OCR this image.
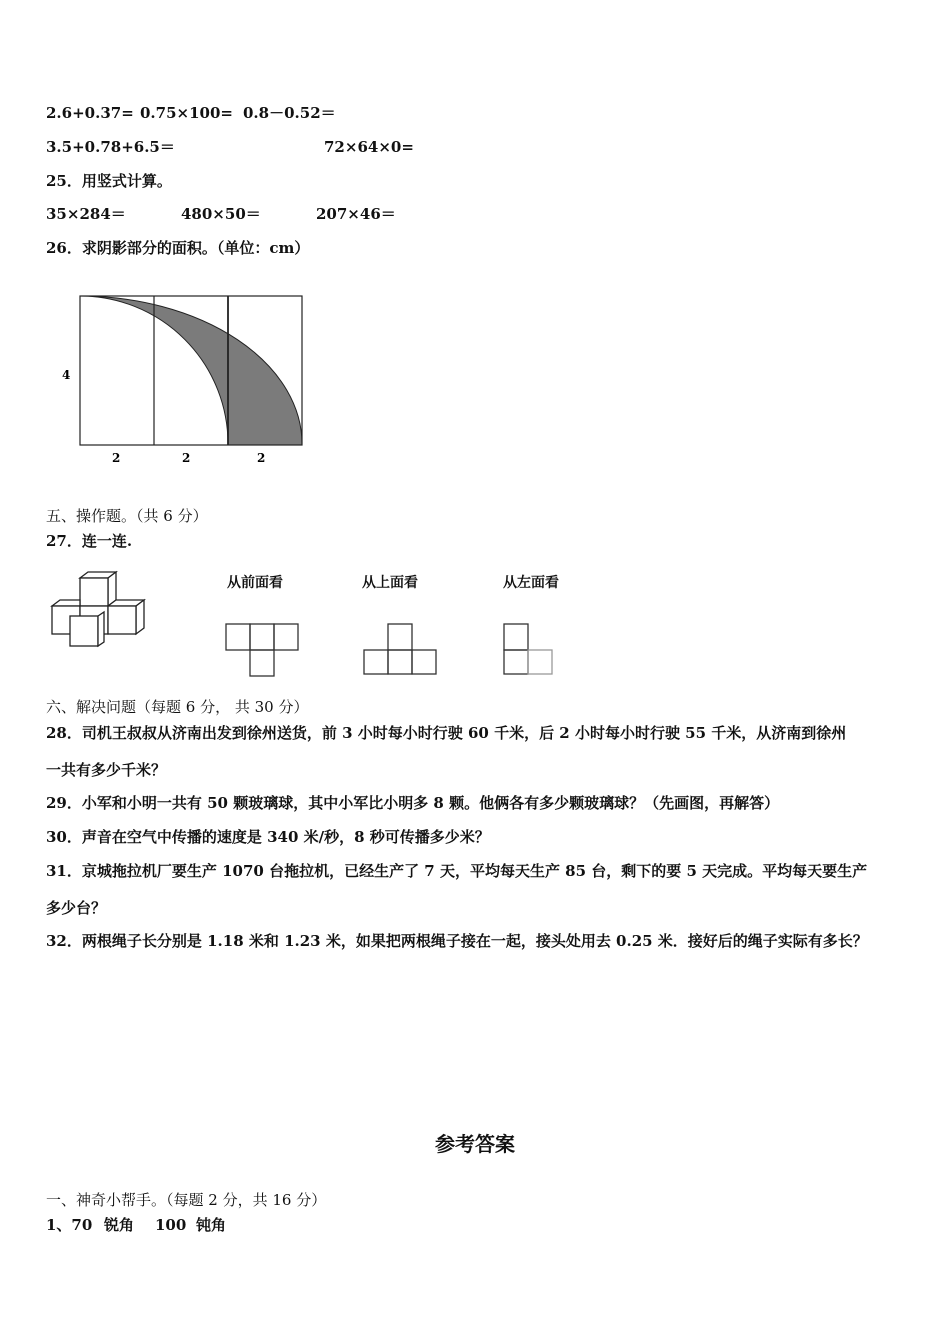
2.6+0.37= 0.75×100= 0.8－0.52＝
3.5+0.78+6.5＝	72×64×0=
25．用竖式计算。
35×284＝	480×50＝	207×46＝
26．求阴影部分的面积。（单位：cm）
4
2	2	2
五、操作题。（共 6 分）
27．连一连.
从前面看	从上面看	从左面看
六、解决问题（每题 6 分， 共 30 分）
28．司机王叔叔从济南出发到徐州送货，前 3 小时每小时行驶 60 千米，后 2 小时每小时行驶 55 千米，从济南到徐州
一共有多少千米？
29．小军和小明一共有 50 颗玻璃球，其中小军比小明多 8 颗。他俩各有多少颗玻璃球？（先画图，再解答）
30．声音在空气中传播的速度是 340 米/秒，8 秒可传播多少米？
31．京城拖拉机厂要生产 1070 台拖拉机，已经生产了 7 天，平均每天生产 85 台，剩下的要 5 天完成。平均每天要生产
多少台？
32．两根绳子长分别是 1.18 米和 1.23 米，如果把两根绳子接在一起，接头处用去 0.25 米．接好后的绳子实际有多长？
参考答案
一、神奇小帮手。（每题 2 分，共 16 分）
1、70 锐角 100 钝角
